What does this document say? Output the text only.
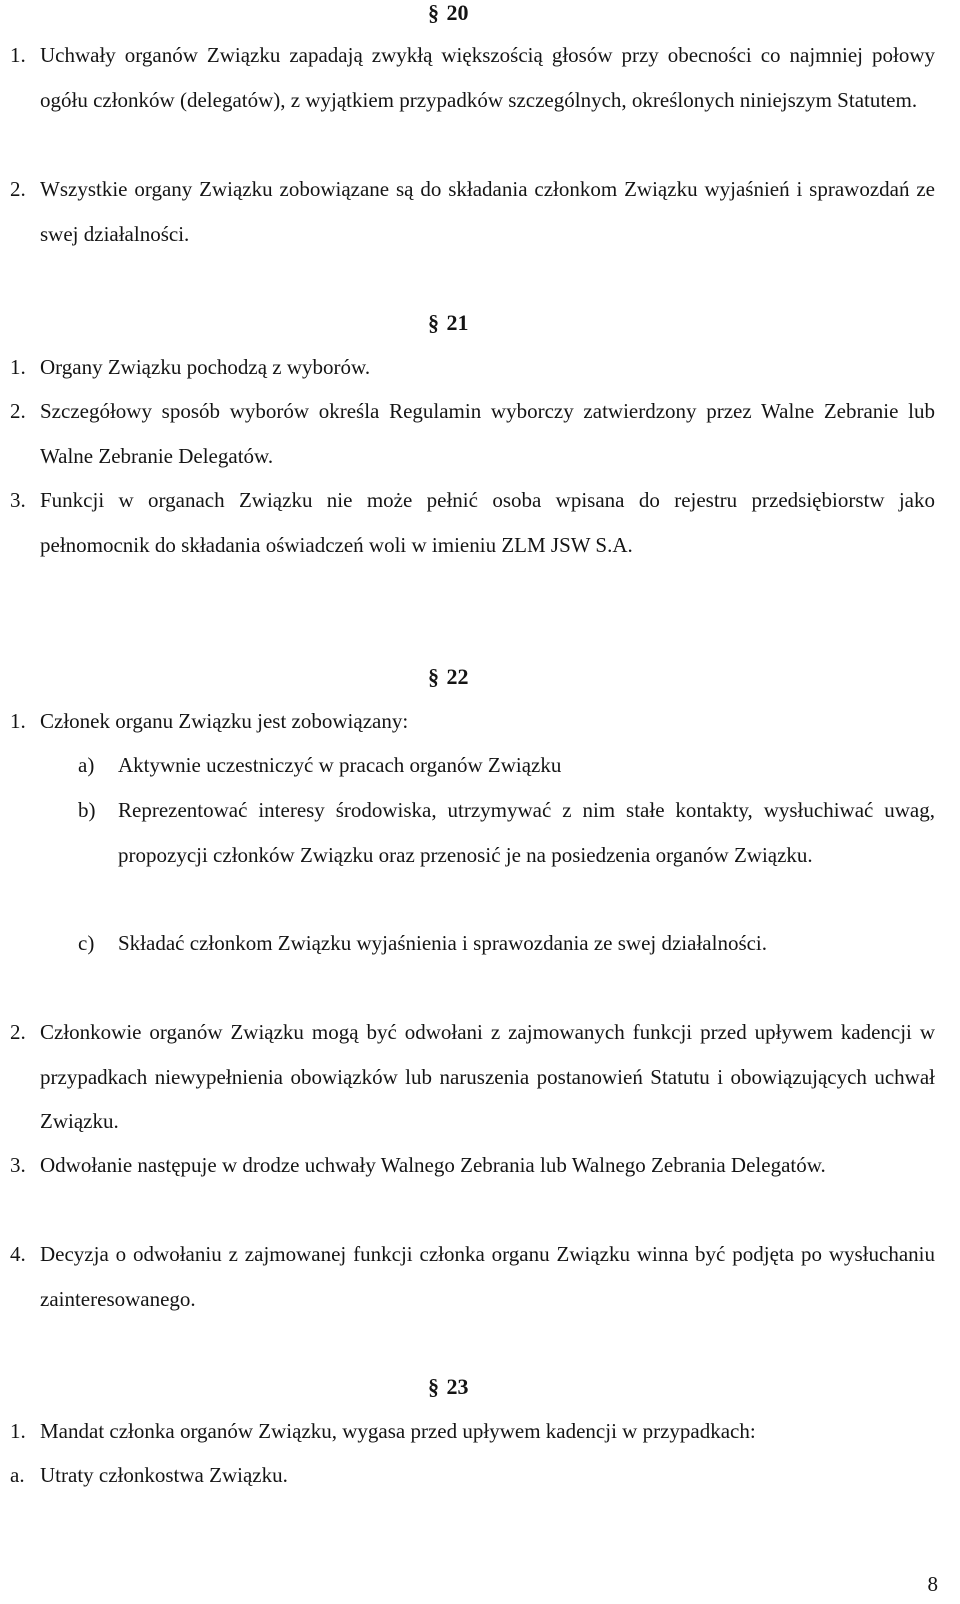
§ 20
1. Uchwały organów Związku zapadają zwykłą większością głosów przy obecności co najmniej połowy ogółu członków (delegatów), z wyjątkiem przypadków szczególnych, określonych niniejszym Statutem.
2. Wszystkie organy Związku zobowiązane są do składania członkom Związku wyjaśnień i sprawozdań ze swej działalności.
§ 21
1. Organy Związku pochodzą z wyborów.
2. Szczegółowy sposób wyborów określa Regulamin wyborczy zatwierdzony przez Walne Zebranie lub Walne Zebranie Delegatów.
3. Funkcji w organach Związku nie może pełnić osoba wpisana do rejestru przedsiębiorstw jako pełnomocnik do składania oświadczeń woli w imieniu ZLM JSW S.A.
§ 22
1. Członek organu Związku jest zobowiązany:
a) Aktywnie uczestniczyć w pracach organów Związku
b) Reprezentować interesy środowiska, utrzymywać z nim stałe kontakty, wysłuchiwać uwag, propozycji członków Związku oraz przenosić je na posiedzenia organów Związku.
c) Składać członkom Związku wyjaśnienia i sprawozdania ze swej działalności.
2. Członkowie organów Związku mogą być odwołani z zajmowanych funkcji przed upływem kadencji w przypadkach niewypełnienia obowiązków lub naruszenia postanowień Statutu i obowiązujących uchwał Związku.
3. Odwołanie następuje w drodze uchwały Walnego Zebrania lub Walnego Zebrania Delegatów.
4. Decyzja o odwołaniu z zajmowanej funkcji członka organu Związku winna być podjęta po wysłuchaniu zainteresowanego.
§ 23
1. Mandat członka organów Związku, wygasa przed upływem kadencji w przypadkach:
a. Utraty członkostwa Związku.
8
